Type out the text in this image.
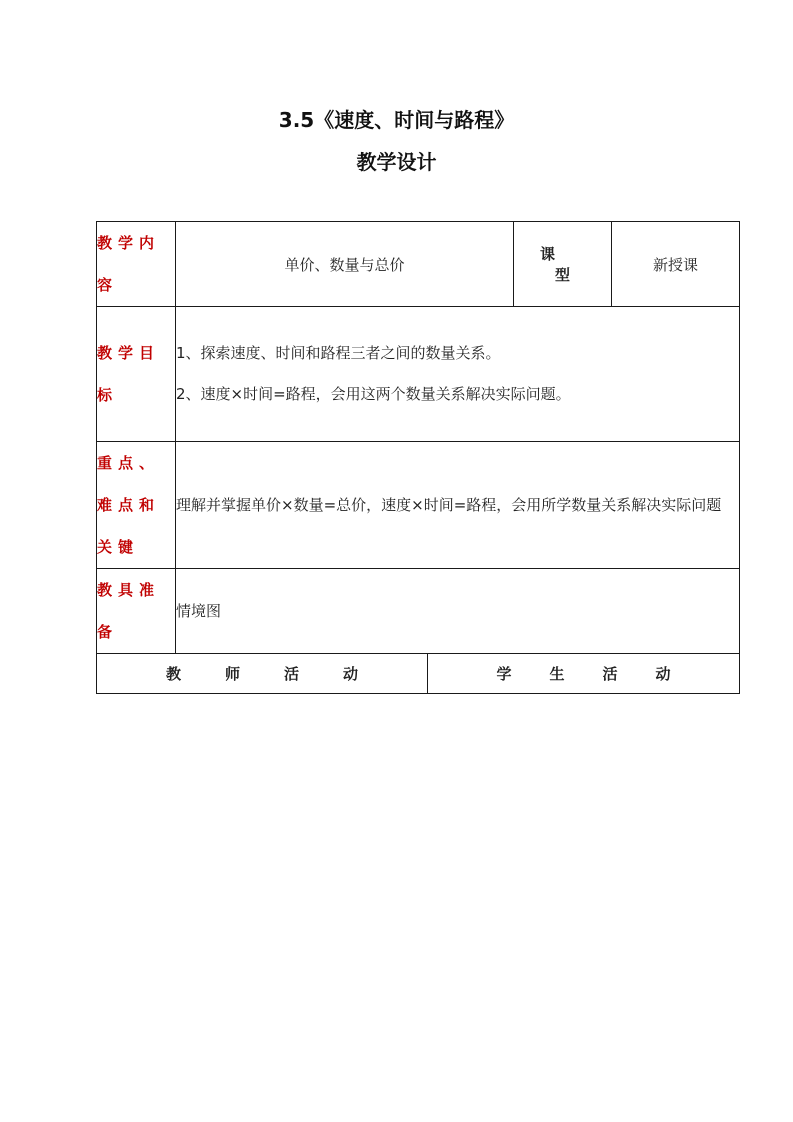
3.5《速度、时间与路程》
教学设计
教学内容	单价、数量与总价		课 型	新授课
教学目标	1、探索速度、时间和路程三者之间的数量关系。
2、速度×时间=路程，会用这两个数量关系解决实际问题。			

重点、难点和关键	理解并掌握单价×数量=总价，速度×时间=路程，会用所学数量关系解决实际问题			
教具准备	情境图			
教师活动		学生活动		
